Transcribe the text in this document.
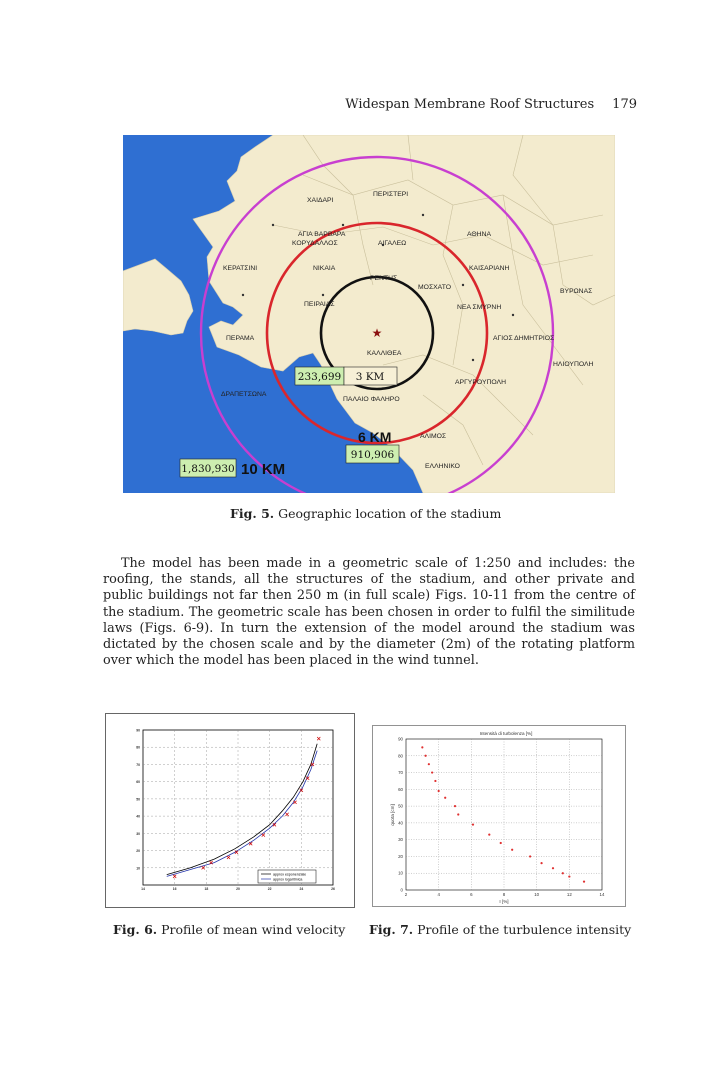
Widespan Membrane Roof Structures 179
★
ΧΑΙΔΑΡΙ
ΠΕΡΙΣΤΕΡΙ
ΑΓΙΑ ΒΑΡΒΑΡΑ
ΚΟΡΥΔΑΛΛΟΣ	ΑΙΓΑΛΕΩ
ΑΘΗΝΑ
ΚΕΡΑΤΣΙΝΙ	ΝΙΚΑΙΑ	ΚΑΙΣΑΡΙΑΝΗ
ΡΕΝΤΗΣ
ΜΟΣΧΑΤΟ
ΒΥΡΩΝΑΣ
ΠΕΙΡΑΙΑΣ	ΝΕΑ ΣΜΥΡΝΗ
ΠΕΡΑΜΑ	ΑΓΙΟΣ ΔΗΜΗΤΡΙΟΣ
ΚΑΛΛΙΘΕΑ
ΗΛΙΟΥΠΟΛΗ
ΑΡΓΥΡΟΥΠΟΛΗ
ΔΡΑΠΕΤΣΩΝΑ
ΠΑΛΑΙΟ ΦΑΛΗΡΟ
ΑΛΙΜΟΣ
ΕΛΛΗΝΙΚΟ
233,699 3 KM
6 KM
910,906
1,830,930 10 KM
Fig. 5. Geographic location of the stadium

The model has been made in a geometric scale of 1:250 and includes: the roofing, the stands, all the structures of the stadium, and other private and public buildings not far then 250 m (in full scale) Figs. 10-11 from the centre of the stadium. The geometric scale has been chosen in order to fulfil the similitude laws (Figs. 6-9). In turn the extension of the model around the stadium was dictated by the chosen scale and by the diameter (2m) of the rotating platform over which the model has been placed in the wind tunnel.

14	16	18	20	22	24	26
10
20
30
40
50
60
70
80
90
approx esponenziale
approx logaritmica
Intensità di turbolenza [%]
2	4	6	8	10	12	14
0
10
20
30
40
50
60
70
80
90
I [%]
quota [cm]
Fig. 6. Profile of mean wind velocity Fig. 7. Profile of the turbulence intensity
